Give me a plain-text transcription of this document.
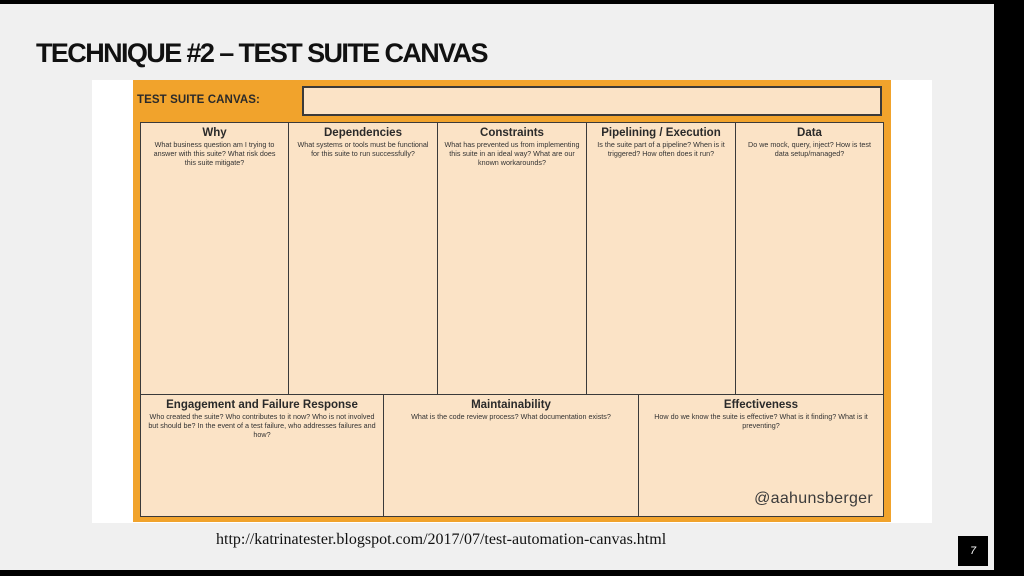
TECHNIQUE #2 – TEST SUITE CANVAS
TEST SUITE CANVAS:
Why
What business question am I trying to answer with this suite? What risk does this suite mitigate?
Dependencies
What systems or tools must be functional for this suite to run successfully?
Constraints
What has prevented us from implementing this suite in an ideal way? What are our known workarounds?
Pipelining / Execution
Is the suite part of a pipeline? When is it triggered? How often does it run?
Data
Do we mock, query, inject? How is test data setup/managed?
Engagement and Failure Response
Who created the suite? Who contributes to it now? Who is not involved but should be? In the event of a test failure, who addresses failures and how?
Maintainability
What is the code review process? What documentation exists?
Effectiveness
How do we know the suite is effective? What is it finding? What is it preventing?
@aahunsberger
http://katrinatester.blogspot.com/2017/07/test-automation-canvas.html
7
